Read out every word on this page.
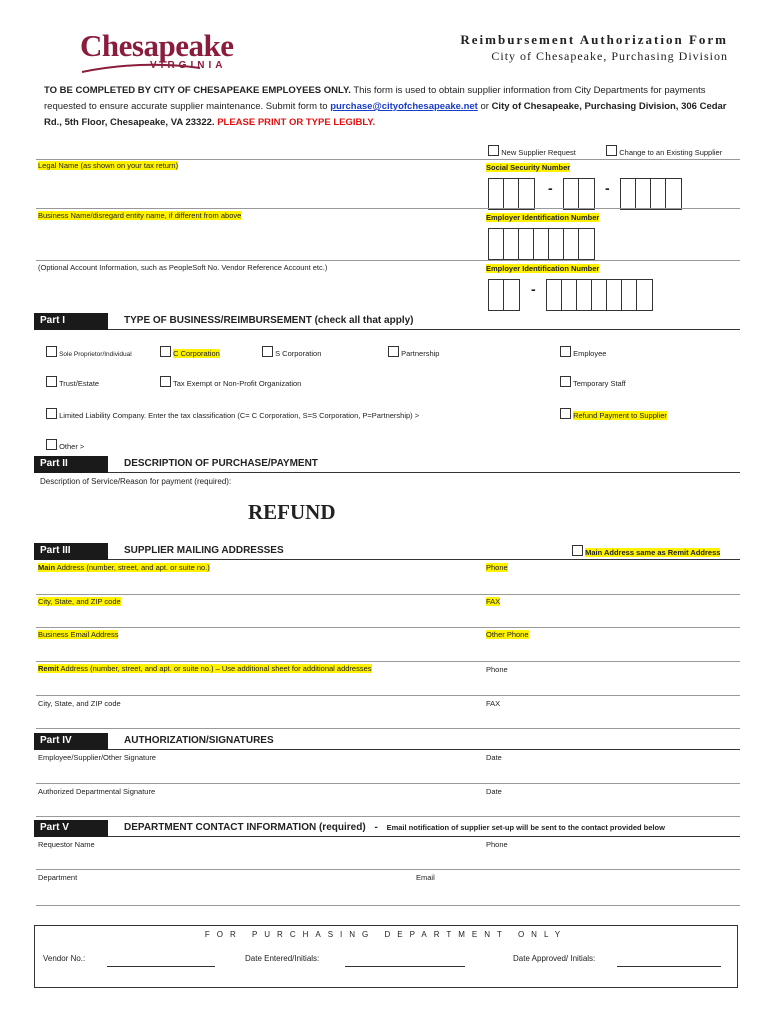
Chesapeake
VIRGINIA
Reimbursement Authorization Form
City of Chesapeake, Purchasing Division
TO BE COMPLETED BY CITY OF CHESAPEAKE EMPLOYEES ONLY. This form is used to obtain supplier information from City Departments for payments requested to ensure accurate supplier maintenance. Submit form to purchase@cityofchesapeake.net or City of Chesapeake, Purchasing Division, 306 Cedar Rd., 5th Floor, Chesapeake, VA 23322. PLEASE PRINT OR TYPE LEGIBLY.
New Supplier Request	Change to an Existing Supplier
Legal Name (as shown on your tax return)	Social Security Number
-	-
Business Name/disregard entity name, if different from above	Employer Identification Number
(Optional Account Information, such as PeopleSoft No. Vendor Reference Account etc.)	Employer Identification Number
-
Part I	TYPE OF BUSINESS/REIMBURSEMENT (check all that apply)
Sole Proprietor/Individual	C Corporation	S Corporation	Partnership	Employee
Trust/Estate	Tax Exempt or Non-Profit Organization	Temporary Staff
Limited Liability Company. Enter the tax classification (C= C Corporation, S=S Corporation, P=Partnership) >	Refund Payment to Supplier
Other >
Part II	DESCRIPTION OF PURCHASE/PAYMENT
Description of Service/Reason for payment (required):
REFUND
Part III	SUPPLIER MAILING ADDRESSES	Main Address same as Remit Address
Main Address (number, street, and apt. or suite no.)	Phone
City, State, and ZIP code	FAX
Business Email Address	Other Phone
Remit Address (number, street, and apt. or suite no.) – Use additional sheet for additional addresses	Phone
City, State, and ZIP code	FAX
Part IV	AUTHORIZATION/SIGNATURES
Employee/Supplier/Other Signature	Date
Authorized Departmental Signature	Date
Part V	DEPARTMENT CONTACT INFORMATION (required) - Email notification of supplier set-up will be sent to the contact provided below
Requestor Name	Phone
Department	Email
FOR PURCHASING DEPARTMENT ONLY
Vendor No.:	Date Entered/Initials:	Date Approved/ Initials:
